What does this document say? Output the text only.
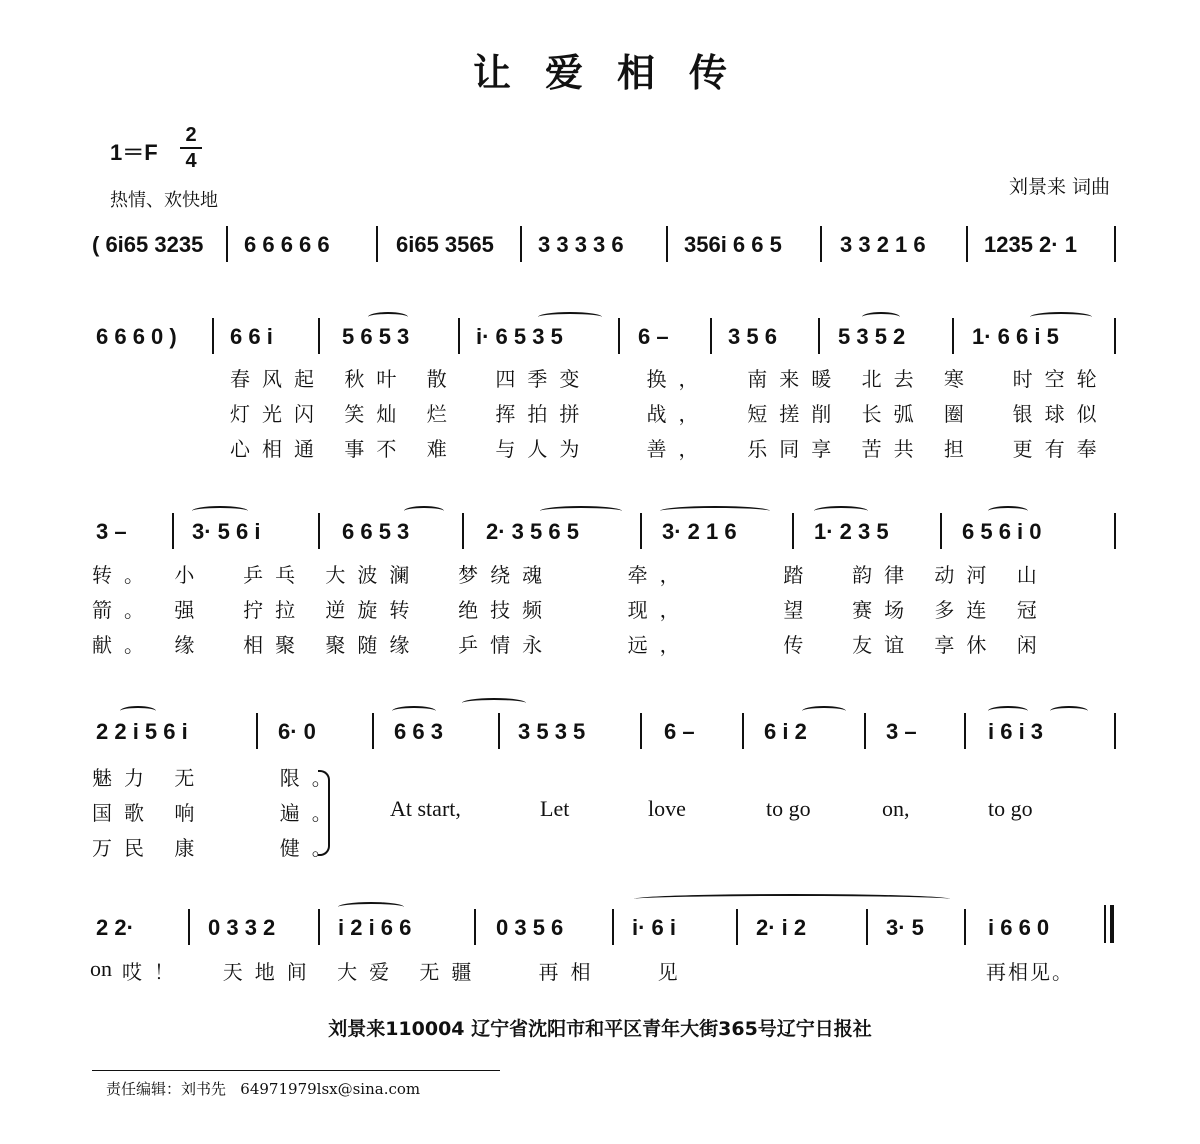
让爱相传
1＝F
2
4
热情、欢快地
刘景来 词曲
( 6i65 3235 6 6 6 6 6	6i65 3565 3 3 3 3 6	356i 6 6 5	3 3 2 1 6	1235 2· 1
6 6 6 0 ) 6 6 i	5 6 5 3	i· 6 5 3 5	6 –	3 5 6	5 3 5 2	1· 6 6 i 5
春风起 秋叶 散  四季变   换，  南来暖 北去 寒  时空轮
灯光闪 笑灿 烂  挥拍拼   战，  短搓削 长弧 圈  银球似
心相通 事不 难  与人为   善，  乐同享 苦共 担  更有奉
3 –	3· 5 6 i	6 6 5 3	2· 3 5 6 5	3· 2 1 6	1· 2 3 5	6 5 6 i 0
转。 小  乒乓 大波澜  梦绕魂    牵，     踏  韵律 动河 山
箭。 强  拧拉 逆旋转  绝技频    现，     望  赛场 多连 冠
献。 缘  相聚 聚随缘  乒情永    远，     传  友谊 享休 闲
2 2 i 5 6 i	6· 0	6 6 3	3 5 3 5	6 –	6 i 2	3 –	i 6 i 3
魅力 无    限。
国歌 响    遍。
万民 康    健。
At start,	Let	love	to go	on,	to go
2 2·	0 3 3 2	i 2 i 6 6	0 3 5 6	i· 6 i	2· i 2	3· 5	i 6 6 0
on 哎！  天地间 大爱 无疆   再相   见	再相见。
刘景来110004 辽宁省沈阳市和平区青年大街365号辽宁日报社
责任编辑：刘书先   64971979lsx@sina.com
